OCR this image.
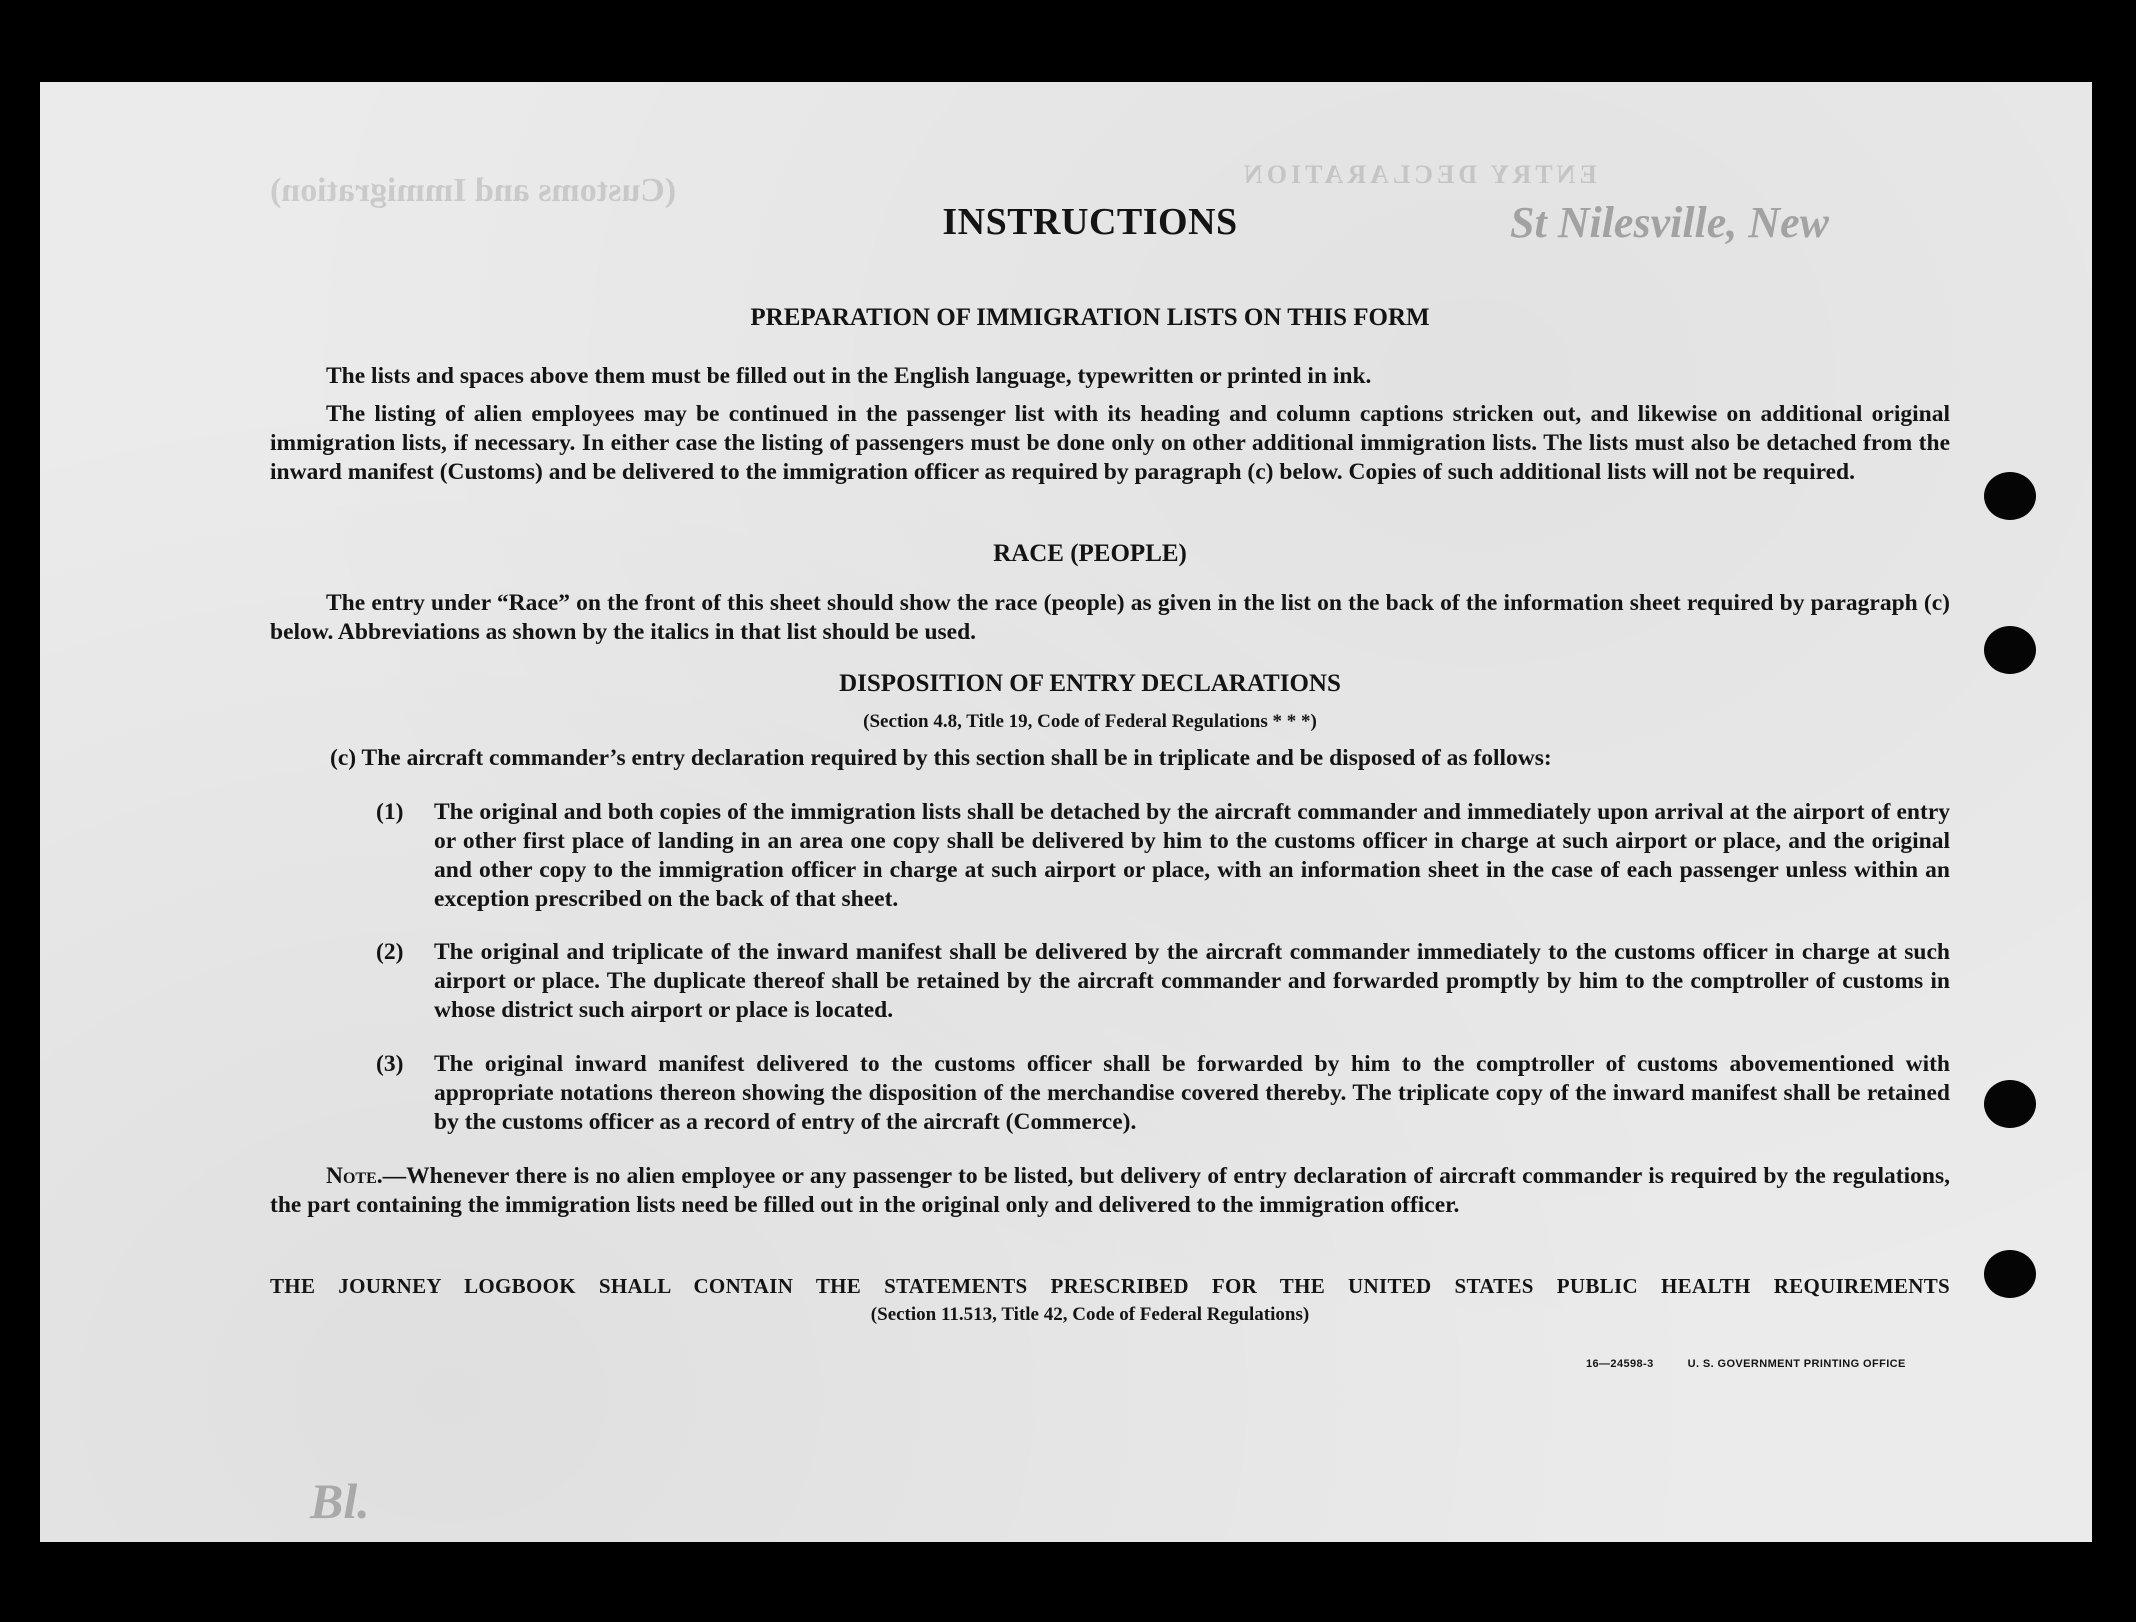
ENTRY DECLARATION
(Customs and Immigration)
St Nilesville, New
Bl.
INSTRUCTIONS
PREPARATION OF IMMIGRATION LISTS ON THIS FORM
The lists and spaces above them must be filled out in the English language, typewritten or printed in ink.
The listing of alien employees may be continued in the passenger list with its heading and column captions stricken out, and likewise on additional original immigration lists, if necessary. In either case the listing of passengers must be done only on other additional immigration lists. The lists must also be detached from the inward manifest (Customs) and be delivered to the immigration officer as required by paragraph (c) below. Copies of such additional lists will not be required.
RACE (PEOPLE)
The entry under “Race” on the front of this sheet should show the race (people) as given in the list on the back of the information sheet required by paragraph (c) below. Abbreviations as shown by the italics in that list should be used.
DISPOSITION OF ENTRY DECLARATIONS
(Section 4.8, Title 19, Code of Federal Regulations * * *)
(c) The aircraft commander’s entry declaration required by this section shall be in triplicate and be disposed of as follows:
(1) The original and both copies of the immigration lists shall be detached by the aircraft commander and immediately upon arrival at the airport of entry or other first place of landing in an area one copy shall be delivered by him to the customs officer in charge at such airport or place, and the original and other copy to the immigration officer in charge at such airport or place, with an information sheet in the case of each passenger unless within an exception prescribed on the back of that sheet.
(2) The original and triplicate of the inward manifest shall be delivered by the aircraft commander immediately to the customs officer in charge at such airport or place. The duplicate thereof shall be retained by the aircraft commander and forwarded promptly by him to the comptroller of customs in whose district such airport or place is located.
(3) The original inward manifest delivered to the customs officer shall be forwarded by him to the comptroller of customs abovementioned with appropriate notations thereon showing the disposition of the merchandise covered thereby. The triplicate copy of the inward manifest shall be retained by the customs officer as a record of entry of the aircraft (Commerce).
Note.—Whenever there is no alien employee or any passenger to be listed, but delivery of entry declaration of aircraft commander is required by the regulations, the part containing the immigration lists need be filled out in the original only and delivered to the immigration officer.
THE JOURNEY LOGBOOK SHALL CONTAIN THE STATEMENTS PRESCRIBED FOR THE UNITED STATES PUBLIC HEALTH REQUIREMENTS
(Section 11.513, Title 42, Code of Federal Regulations)
16—24598-3	U. S. GOVERNMENT PRINTING OFFICE
